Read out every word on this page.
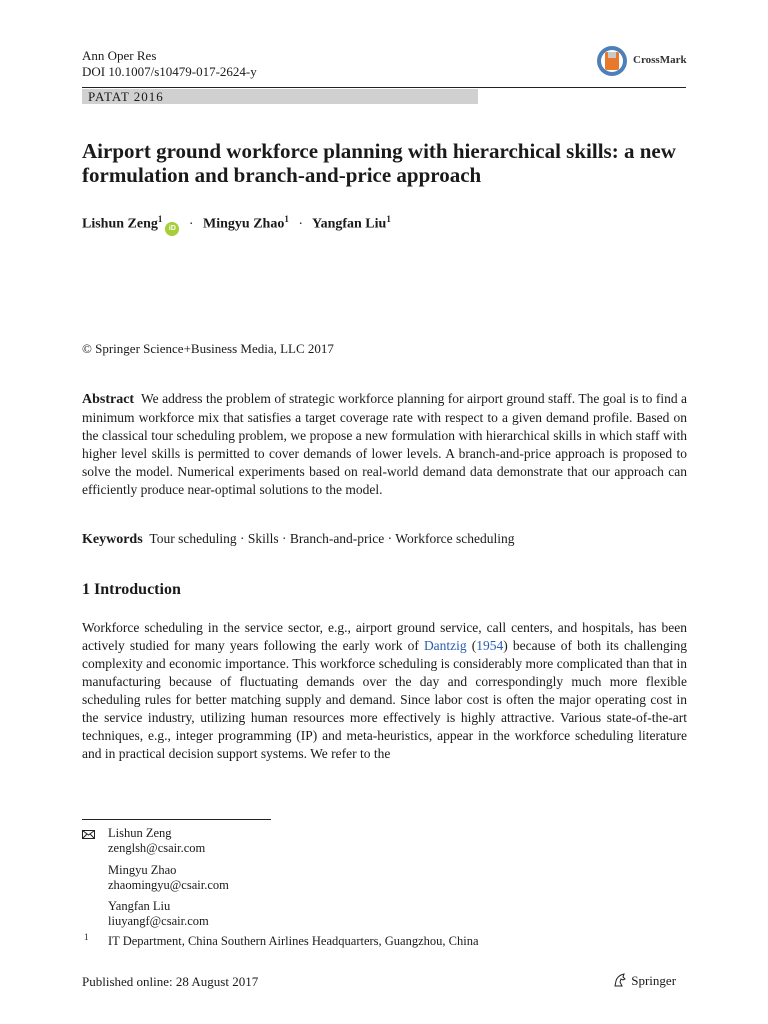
Ann Oper Res
DOI 10.1007/s10479-017-2624-y
CrossMark
PATAT 2016
Airport ground workforce planning with hierarchical skills: a new formulation and branch-and-price approach
Lishun Zeng$^1$iD · Mingyu Zhao$^1$ · Yangfan Liu$^1$
© Springer Science+Business Media, LLC 2017
Abstract We address the problem of strategic workforce planning for airport ground staff. The goal is to find a minimum workforce mix that satisfies a target coverage rate with respect to a given demand profile. Based on the classical tour scheduling problem, we propose a new formulation with hierarchical skills in which staff with higher level skills is permitted to cover demands of lower levels. A branch-and-price approach is proposed to solve the model. Numerical experiments based on real-world demand data demonstrate that our approach can efficiently produce near-optimal solutions to the model.
Keywords Tour scheduling · Skills · Branch-and-price · Workforce scheduling
1 Introduction
Workforce scheduling in the service sector, e.g., airport ground service, call centers, and hospitals, has been actively studied for many years following the early work of Dantzig (1954) because of both its challenging complexity and economic importance. This workforce scheduling is considerably more complicated than that in manufacturing because of fluctuating demands over the day and correspondingly much more flexible scheduling rules for better matching supply and demand. Since labor cost is often the major operating cost in the service industry, utilizing human resources more effectively is highly attractive. Various state-of-the-art techniques, e.g., integer programming (IP) and meta-heuristics, appear in the workforce scheduling literature and in practical decision support systems. We refer to the
Lishun Zeng
zenglsh@csair.com
Mingyu Zhao
zhaomingyu@csair.com
Yangfan Liu
liuyangf@csair.com
1 IT Department, China Southern Airlines Headquarters, Guangzhou, China
Published online: 28 August 2017	Springer
